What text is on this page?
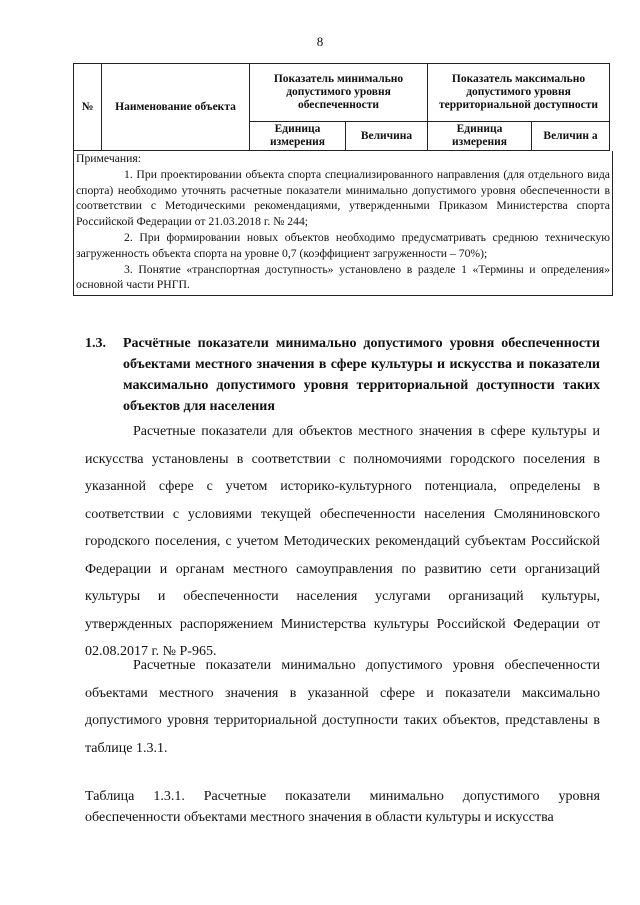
8
№	Наименование объекта	Показатель минимально допустимого уровня обеспеченности		Показатель максимально допустимого уровня территориальной доступности	
		Единица измерения	Величина	Единица измерения	Величин а

Примечания:

1. При проектировании объекта спорта специализированного направления (для отдельного вида спорта) необходимо уточнять расчетные показатели минимально допустимого уровня обеспеченности в соответствии с Методическими рекомендациями, утвержденными Приказом Министерства спорта Российской Федерации от 21.03.2018 г. № 244;

2. При формировании новых объектов необходимо предусматривать среднюю техническую загруженность объекта спорта на уровне 0,7 (коэффициент загруженности – 70%);

3. Понятие «транспортная доступность» установлено в разделе 1 «Термины и определения» основной части РНГП.

1.3. Расчётные показатели минимально допустимого уровня обеспеченности объектами местного значения в сфере культуры и искусства и показатели максимально допустимого уровня территориальной доступности таких объектов для населения

Расчетные показатели для объектов местного значения в сфере культуры и искусства установлены в соответствии с полномочиями городского поселения в указанной сфере с учетом историко-культурного потенциала, определены в соответствии с условиями текущей обеспеченности населения Смоляниновского городского поселения, с учетом Методических рекомендаций субъектам Российской Федерации и органам местного самоуправления по развитию сети организаций культуры и обеспеченности населения услугами организаций культуры, утвержденных распоряжением Министерства культуры Российской Федерации от 02.08.2017 г. № Р-965.

Расчетные показатели минимально допустимого уровня обеспеченности объектами местного значения в указанной сфере и показатели максимально допустимого уровня территориальной доступности таких объектов, представлены в таблице 1.3.1.

Таблица 1.3.1. Расчетные показатели минимально допустимого уровня обеспеченности объектами местного значения в области культуры и искусства
